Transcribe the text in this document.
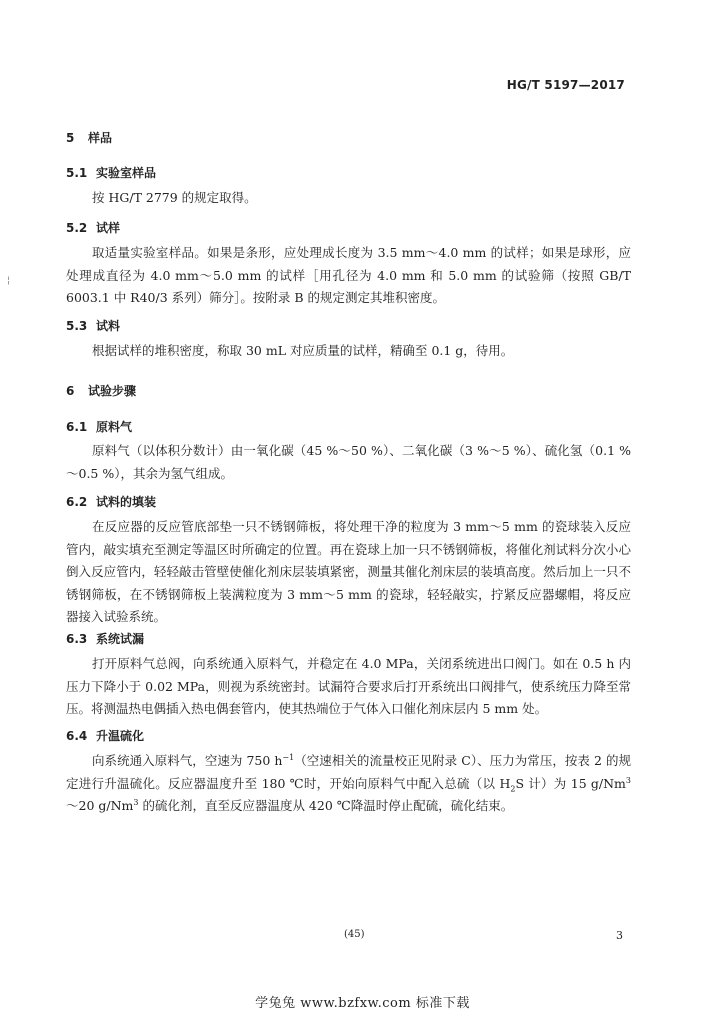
HG/T 5197—2017
¦
5 样品
5.1 实验室样品
按 HG/T 2779 的规定取得。
5.2 试样
取适量实验室样品。如果是条形，应处理成长度为 3.5 mm～4.0 mm 的试样；如果是球形，应处理成直径为 4.0 mm～5.0 mm 的试样［用孔径为 4.0 mm 和 5.0 mm 的试验筛（按照 GB/T 6003.1 中 R40/3 系列）筛分］。按附录 B 的规定测定其堆积密度。
5.3 试料
根据试样的堆积密度，称取 30 mL 对应质量的试样，精确至 0.1 g，待用。
6 试验步骤
6.1 原料气
原料气（以体积分数计）由一氧化碳（45 %～50 %）、二氧化碳（3 %～5 %）、硫化氢（0.1 %～0.5 %），其余为氢气组成。
6.2 试料的填装
在反应器的反应管底部垫一只不锈钢筛板，将处理干净的粒度为 3 mm～5 mm 的瓷球装入反应管内，敲实填充至测定等温区时所确定的位置。再在瓷球上加一只不锈钢筛板，将催化剂试料分次小心倒入反应管内，轻轻敲击管壁使催化剂床层装填紧密，测量其催化剂床层的装填高度。然后加上一只不锈钢筛板，在不锈钢筛板上装满粒度为 3 mm～5 mm 的瓷球，轻轻敲实，拧紧反应器螺帽，将反应器接入试验系统。
6.3 系统试漏
打开原料气总阀，向系统通入原料气，并稳定在 4.0 MPa，关闭系统进出口阀门。如在 0.5 h 内压力下降小于 0.02 MPa，则视为系统密封。试漏符合要求后打开系统出口阀排气，使系统压力降至常压。将测温热电偶插入热电偶套管内，使其热端位于气体入口催化剂床层内 5 mm 处。
6.4 升温硫化
向系统通入原料气，空速为 750 $h^{-1}$（空速相关的流量校正见附录 C）、压力为常压，按表 2 的规定进行升温硫化。反应器温度升至 180 ℃时，开始向原料气中配入总硫（以 $H_2S$ 计）为 15 g/Nm$^3$～20 g/Nm$^3$ 的硫化剂，直至反应器温度从 420 ℃降温时停止配硫，硫化结束。
(45)	3
学兔兔 www.bzfxw.com 标准下载
